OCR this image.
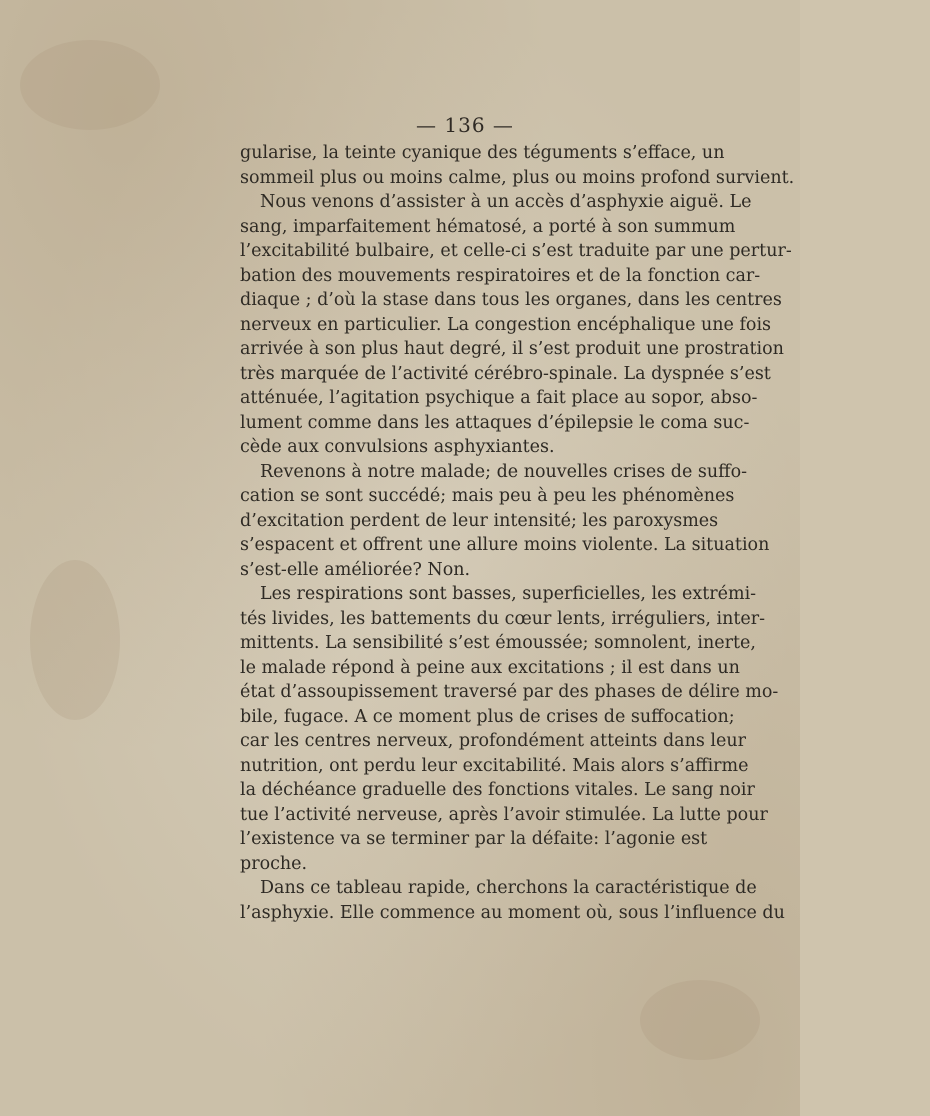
— 136 —
gularise, la teinte cyanique des téguments s’efface, un
sommeil plus ou moins calme, plus ou moins profond survient.
Nous venons d’assister à un accès d’asphyxie aiguë. Le
sang, imparfaitement hématosé, a porté à son summum
l’excitabilité bulbaire, et celle-ci s’est traduite par une pertur-
bation des mouvements respiratoires et de la fonction car-
diaque ; d’où la stase dans tous les organes, dans les centres
nerveux en particulier. La congestion encéphalique une fois
arrivée à son plus haut degré, il s’est produit une prostration
très marquée de l’activité cérébro-spinale. La dyspnée s’est
atténuée, l’agitation psychique a fait place au sopor, abso-
lument comme dans les attaques d’épilepsie le coma suc-
cède aux convulsions asphyxiantes.
Revenons à notre malade; de nouvelles crises de suffo-
cation se sont succédé; mais peu à peu les phénomènes
d’excitation perdent de leur intensité; les paroxysmes
s’espacent et offrent une allure moins violente. La situation
s’est-elle améliorée? Non.
Les respirations sont basses, superficielles, les extrémi-
tés livides, les battements du cœur lents, irréguliers, inter-
mittents. La sensibilité s’est émoussée; somnolent, inerte,
le malade répond à peine aux excitations ; il est dans un
état d’assoupissement traversé par des phases de délire mo-
bile, fugace. A ce moment plus de crises de suffocation;
car les centres nerveux, profondément atteints dans leur
nutrition, ont perdu leur excitabilité. Mais alors s’affirme
la déchéance graduelle des fonctions vitales. Le sang noir
tue l’activité nerveuse, après l’avoir stimulée. La lutte pour
l’existence va se terminer par la défaite: l’agonie est
proche.
Dans ce tableau rapide, cherchons la caractéristique de
l’asphyxie. Elle commence au moment où, sous l’influence du
